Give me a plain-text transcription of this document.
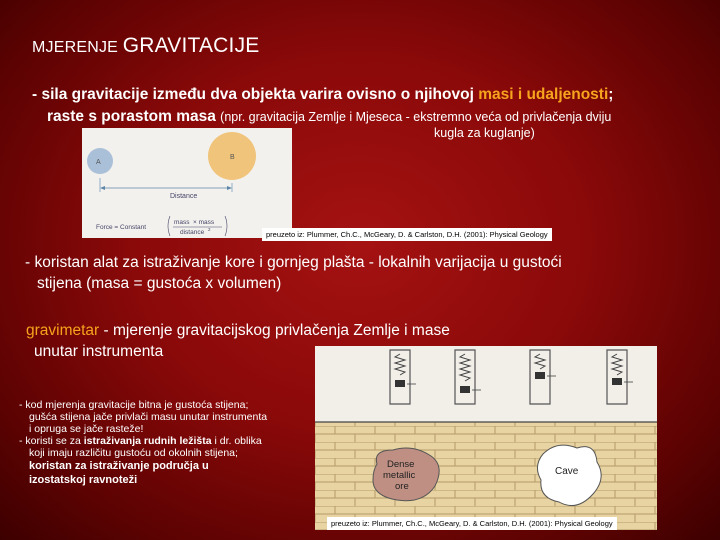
MJERENJE GRAVITACIJE
- sila gravitacije između dva objekta varira ovisno o njihovoj masi i udaljenosti;
raste s porastom masa (npr. gravitacija Zemlje i Mjeseca - ekstremno veća od privlačenja dviju
kugla za kuglanje)
A
B
Distance
Force = Constant
mass × mass
distance 2
preuzeto iz: Plummer, Ch.C., McGeary, D. & Carlston, D.H. (2001): Physical Geology
- koristan alat za istraživanje kore i gornjeg plašta - lokalnih varijacija u gustoći
stijena (masa = gustoća x volumen)
gravimetar - mjerenje gravitacijskog privlačenja Zemlje i mase
unutar instrumenta
Dense
metallic
ore
Cave
preuzeto iz: Plummer, Ch.C., McGeary, D. & Carlston, D.H. (2001): Physical Geology
- kod mjerenja gravitacije bitna je gustoća stijena;
gušća stijena jače privlači masu unutar instrumenta
i opruga se jače rasteže!
- koristi se za istraživanja rudnih ležišta i dr. oblika
koji imaju različitu gustoću od okolnih stijena;
koristan za istraživanje područja u
izostatskoj ravnoteži
